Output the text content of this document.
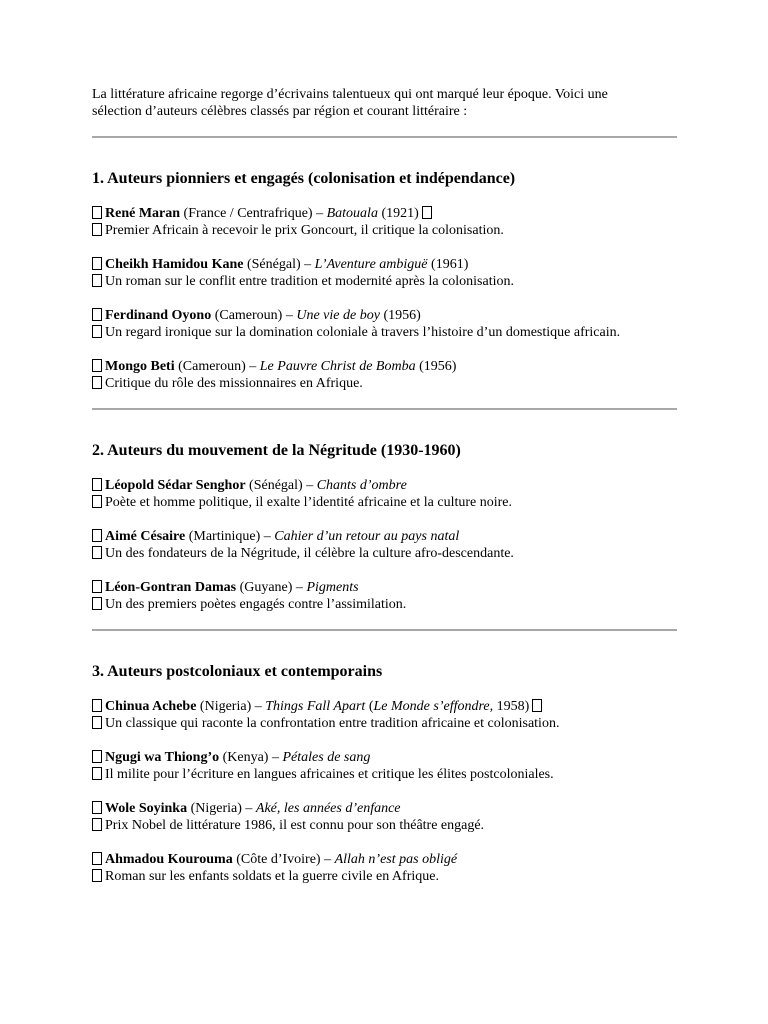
La littérature africaine regorge d’écrivains talentueux qui ont marqué leur époque. Voici une
sélection d’auteurs célèbres classés par région et courant littéraire :

1. Auteurs pionniers et engagés (colonisation et indépendance)
René Maran (France / Centrafrique) – Batouala (1921)
Premier Africain à recevoir le prix Goncourt, il critique la colonisation.
Cheikh Hamidou Kane (Sénégal) – L’Aventure ambiguë (1961)
Un roman sur le conflit entre tradition et modernité après la colonisation.
Ferdinand Oyono (Cameroun) – Une vie de boy (1956)
Un regard ironique sur la domination coloniale à travers l’histoire d’un domestique africain.
Mongo Beti (Cameroun) – Le Pauvre Christ de Bomba (1956)
Critique du rôle des missionnaires en Afrique.
2. Auteurs du mouvement de la Négritude (1930-1960)
Léopold Sédar Senghor (Sénégal) – Chants d’ombre
Poète et homme politique, il exalte l’identité africaine et la culture noire.
Aimé Césaire (Martinique) – Cahier d’un retour au pays natal
Un des fondateurs de la Négritude, il célèbre la culture afro-descendante.
Léon-Gontran Damas (Guyane) – Pigments
Un des premiers poètes engagés contre l’assimilation.
3. Auteurs postcoloniaux et contemporains
Chinua Achebe (Nigeria) – Things Fall Apart (Le Monde s’effondre, 1958)
Un classique qui raconte la confrontation entre tradition africaine et colonisation.
Ngugi wa Thiong’o (Kenya) – Pétales de sang
Il milite pour l’écriture en langues africaines et critique les élites postcoloniales.
Wole Soyinka (Nigeria) – Aké, les années d’enfance
Prix Nobel de littérature 1986, il est connu pour son théâtre engagé.
Ahmadou Kourouma (Côte d’Ivoire) – Allah n’est pas obligé
Roman sur les enfants soldats et la guerre civile en Afrique.
